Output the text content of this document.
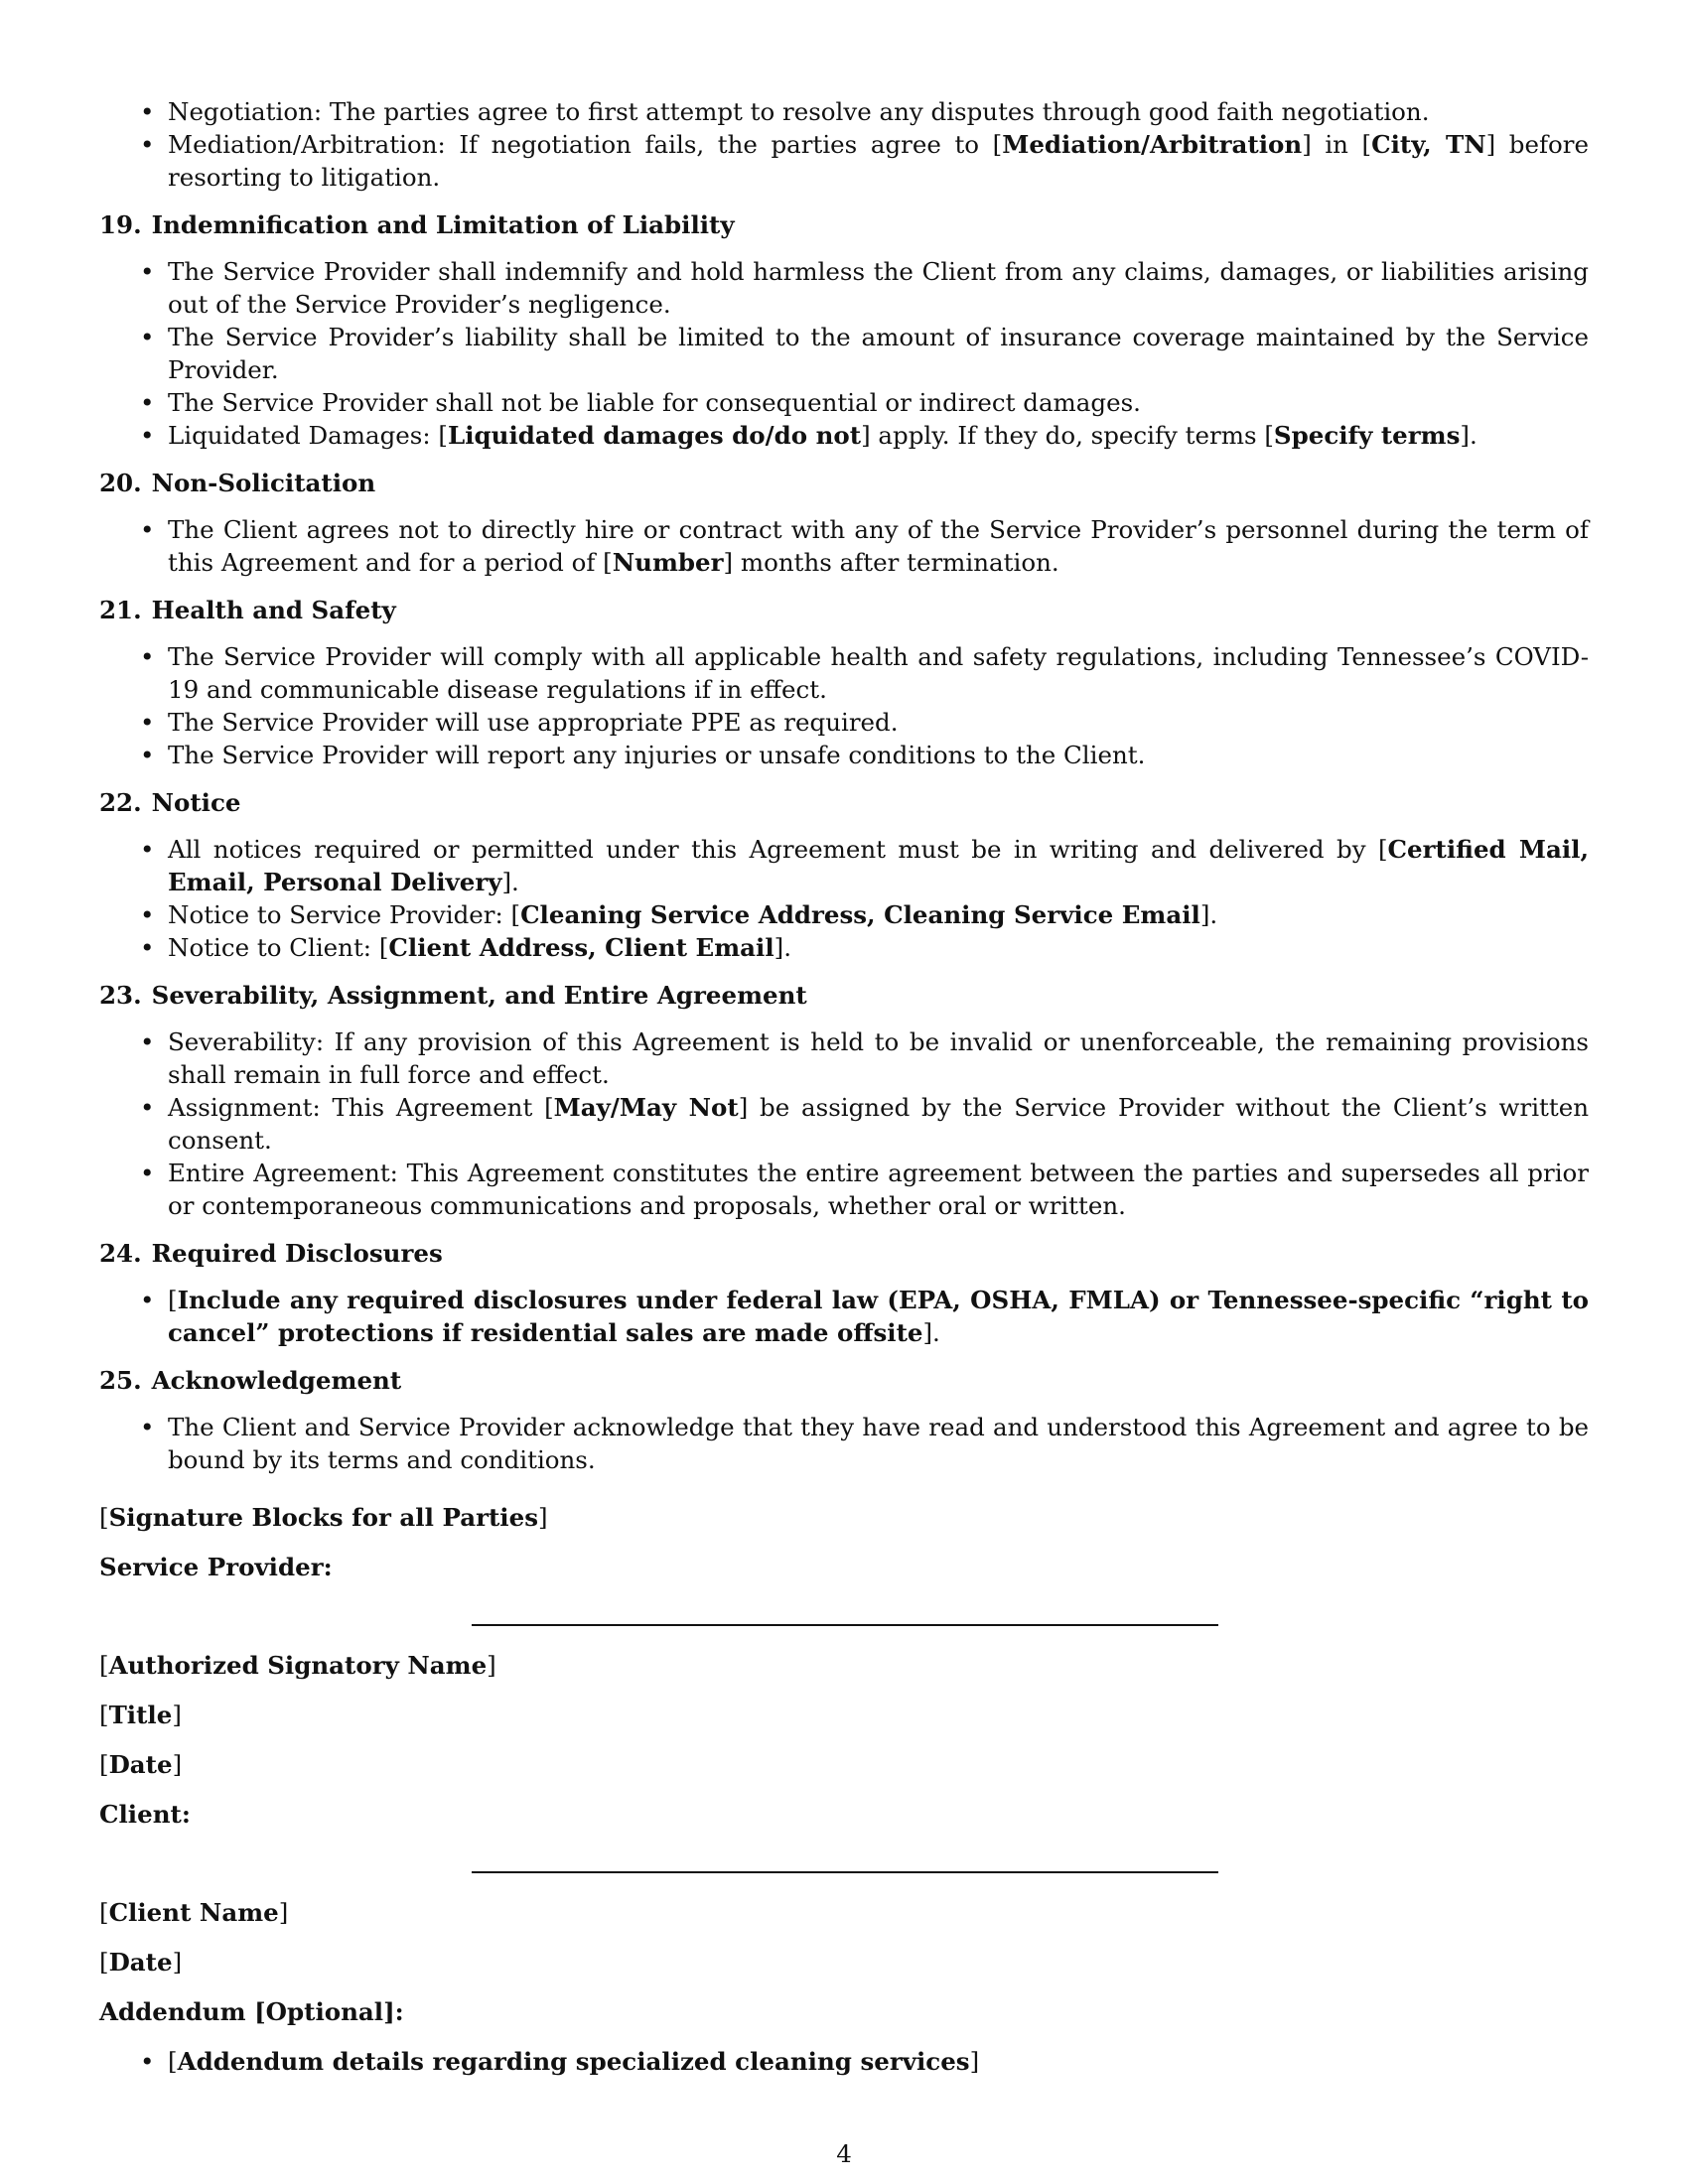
• Negotiation: The parties agree to first attempt to resolve any disputes through good faith negotiation.
• Mediation/Arbitration: If negotiation fails, the parties agree to [Mediation/Arbitration] in [City, TN] before resorting to litigation.
19. Indemnification and Limitation of Liability
• The Service Provider shall indemnify and hold harmless the Client from any claims, damages, or liabilities arising out of the Service Provider’s negligence.
• The Service Provider’s liability shall be limited to the amount of insurance coverage maintained by the Service Provider.
• The Service Provider shall not be liable for consequential or indirect damages.
• Liquidated Damages: [Liquidated damages do/do not] apply. If they do, specify terms [Specify terms].
20. Non-Solicitation
• The Client agrees not to directly hire or contract with any of the Service Provider’s personnel during the term of this Agreement and for a period of [Number] months after termination.
21. Health and Safety
• The Service Provider will comply with all applicable health and safety regulations, including Tennessee’s COVID-19 and communicable disease regulations if in effect.
• The Service Provider will use appropriate PPE as required.
• The Service Provider will report any injuries or unsafe conditions to the Client.
22. Notice
• All notices required or permitted under this Agreement must be in writing and delivered by [Certified Mail, Email, Personal Delivery].
• Notice to Service Provider: [Cleaning Service Address, Cleaning Service Email].
• Notice to Client: [Client Address, Client Email].
23. Severability, Assignment, and Entire Agreement
• Severability: If any provision of this Agreement is held to be invalid or unenforceable, the remaining provisions shall remain in full force and effect.
• Assignment: This Agreement [May/May Not] be assigned by the Service Provider without the Client’s written consent.
• Entire Agreement: This Agreement constitutes the entire agreement between the parties and supersedes all prior or contemporaneous communications and proposals, whether oral or written.
24. Required Disclosures
• [Include any required disclosures under federal law (EPA, OSHA, FMLA) or Tennessee-specific “right to cancel” protections if residential sales are made offsite].
25. Acknowledgement
• The Client and Service Provider acknowledge that they have read and understood this Agreement and agree to be bound by its terms and conditions.
[Signature Blocks for all Parties]
Service Provider:
[Authorized Signatory Name]
[Title]
[Date]
Client:
[Client Name]
[Date]
Addendum [Optional]:
• [Addendum details regarding specialized cleaning services]
4
